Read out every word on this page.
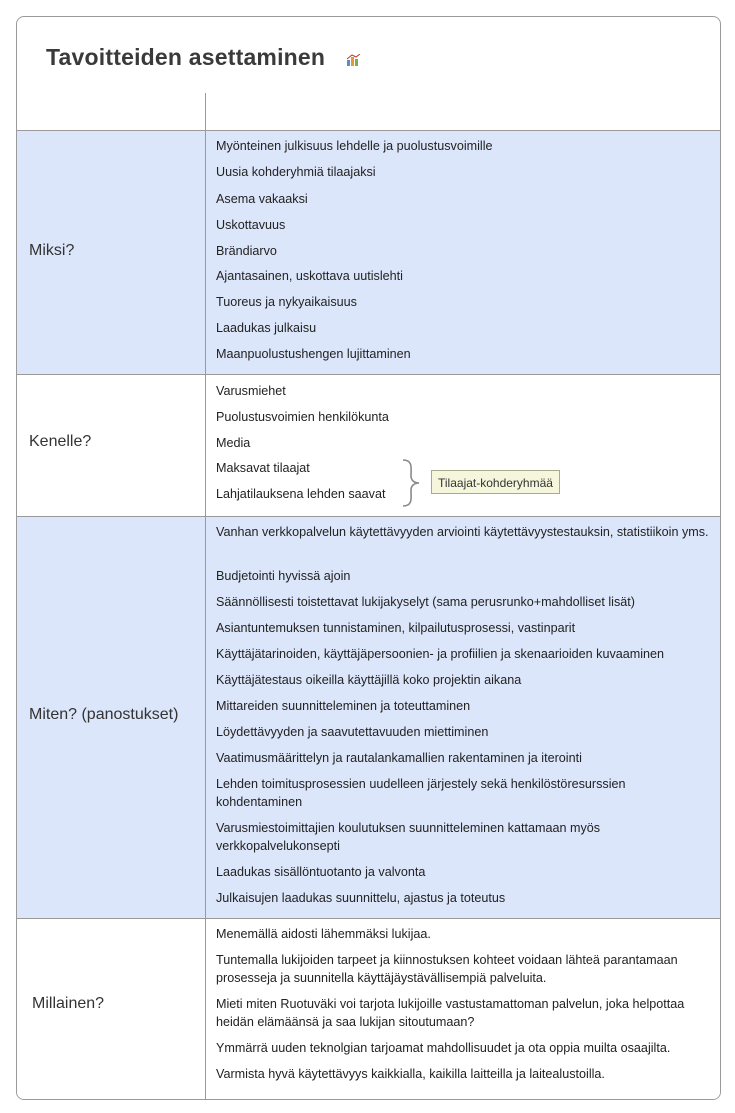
Tavoitteiden asettaminen
Miksi?
Myönteinen julkisuus lehdelle ja puolustusvoimille
Uusia kohderyhmiä tilaajaksi
Asema vakaaksi
Uskottavuus
Brändiarvo
Ajantasainen, uskottava uutislehti
Tuoreus ja nykyaikaisuus
Laadukas julkaisu
Maanpuolustushengen lujittaminen
Kenelle?
Varusmiehet
Puolustusvoimien henkilökunta
Media
Maksavat tilaajat
Lahjatilauksena lehden saavat
Miten? (panostukset)
Vanhan verkkopalvelun käytettävyyden arviointi käytettävyystestauksin, statistiikoin yms.
Budjetointi hyvissä ajoin
Säännöllisesti toistettavat lukijakyselyt (sama perusrunko+mahdolliset lisät)
Asiantuntemuksen tunnistaminen, kilpailutusprosessi, vastinparit
Käyttäjätarinoiden, käyttäjäpersoonien- ja profiilien ja skenaarioiden kuvaaminen
Käyttäjätestaus oikeilla käyttäjillä koko projektin aikana
Mittareiden suunnitteleminen ja toteuttaminen
Löydettävyyden ja saavutettavuuden miettiminen
Vaatimusmäärittelyn ja rautalankamallien rakentaminen ja iterointi
Lehden toimitusprosessien uudelleen järjestely sekä henkilöstöresurssien kohdentaminen
Varusmiestoimittajien koulutuksen suunnitteleminen kattamaan myös verkkopalvelukonsepti
Laadukas sisällöntuotanto ja valvonta
Julkaisujen laadukas suunnittelu, ajastus ja toteutus
Millainen?
Menemällä aidosti lähemmäksi lukijaa.
Tuntemalla lukijoiden tarpeet ja kiinnostuksen kohteet voidaan lähteä parantamaan prosesseja ja suunnitella käyttäjäystävällisempiä palveluita.
Mieti miten Ruotuväki voi tarjota lukijoille vastustamattoman palvelun, joka helpottaa heidän elämäänsä ja saa lukijan sitoutumaan?
Ymmärrä uuden teknolgian tarjoamat mahdollisuudet ja ota oppia muilta osaajilta.
Varmista hyvä käytettävyys kaikkialla, kaikilla laitteilla ja laitealustoilla.
Tilaajat-kohderyhmää
